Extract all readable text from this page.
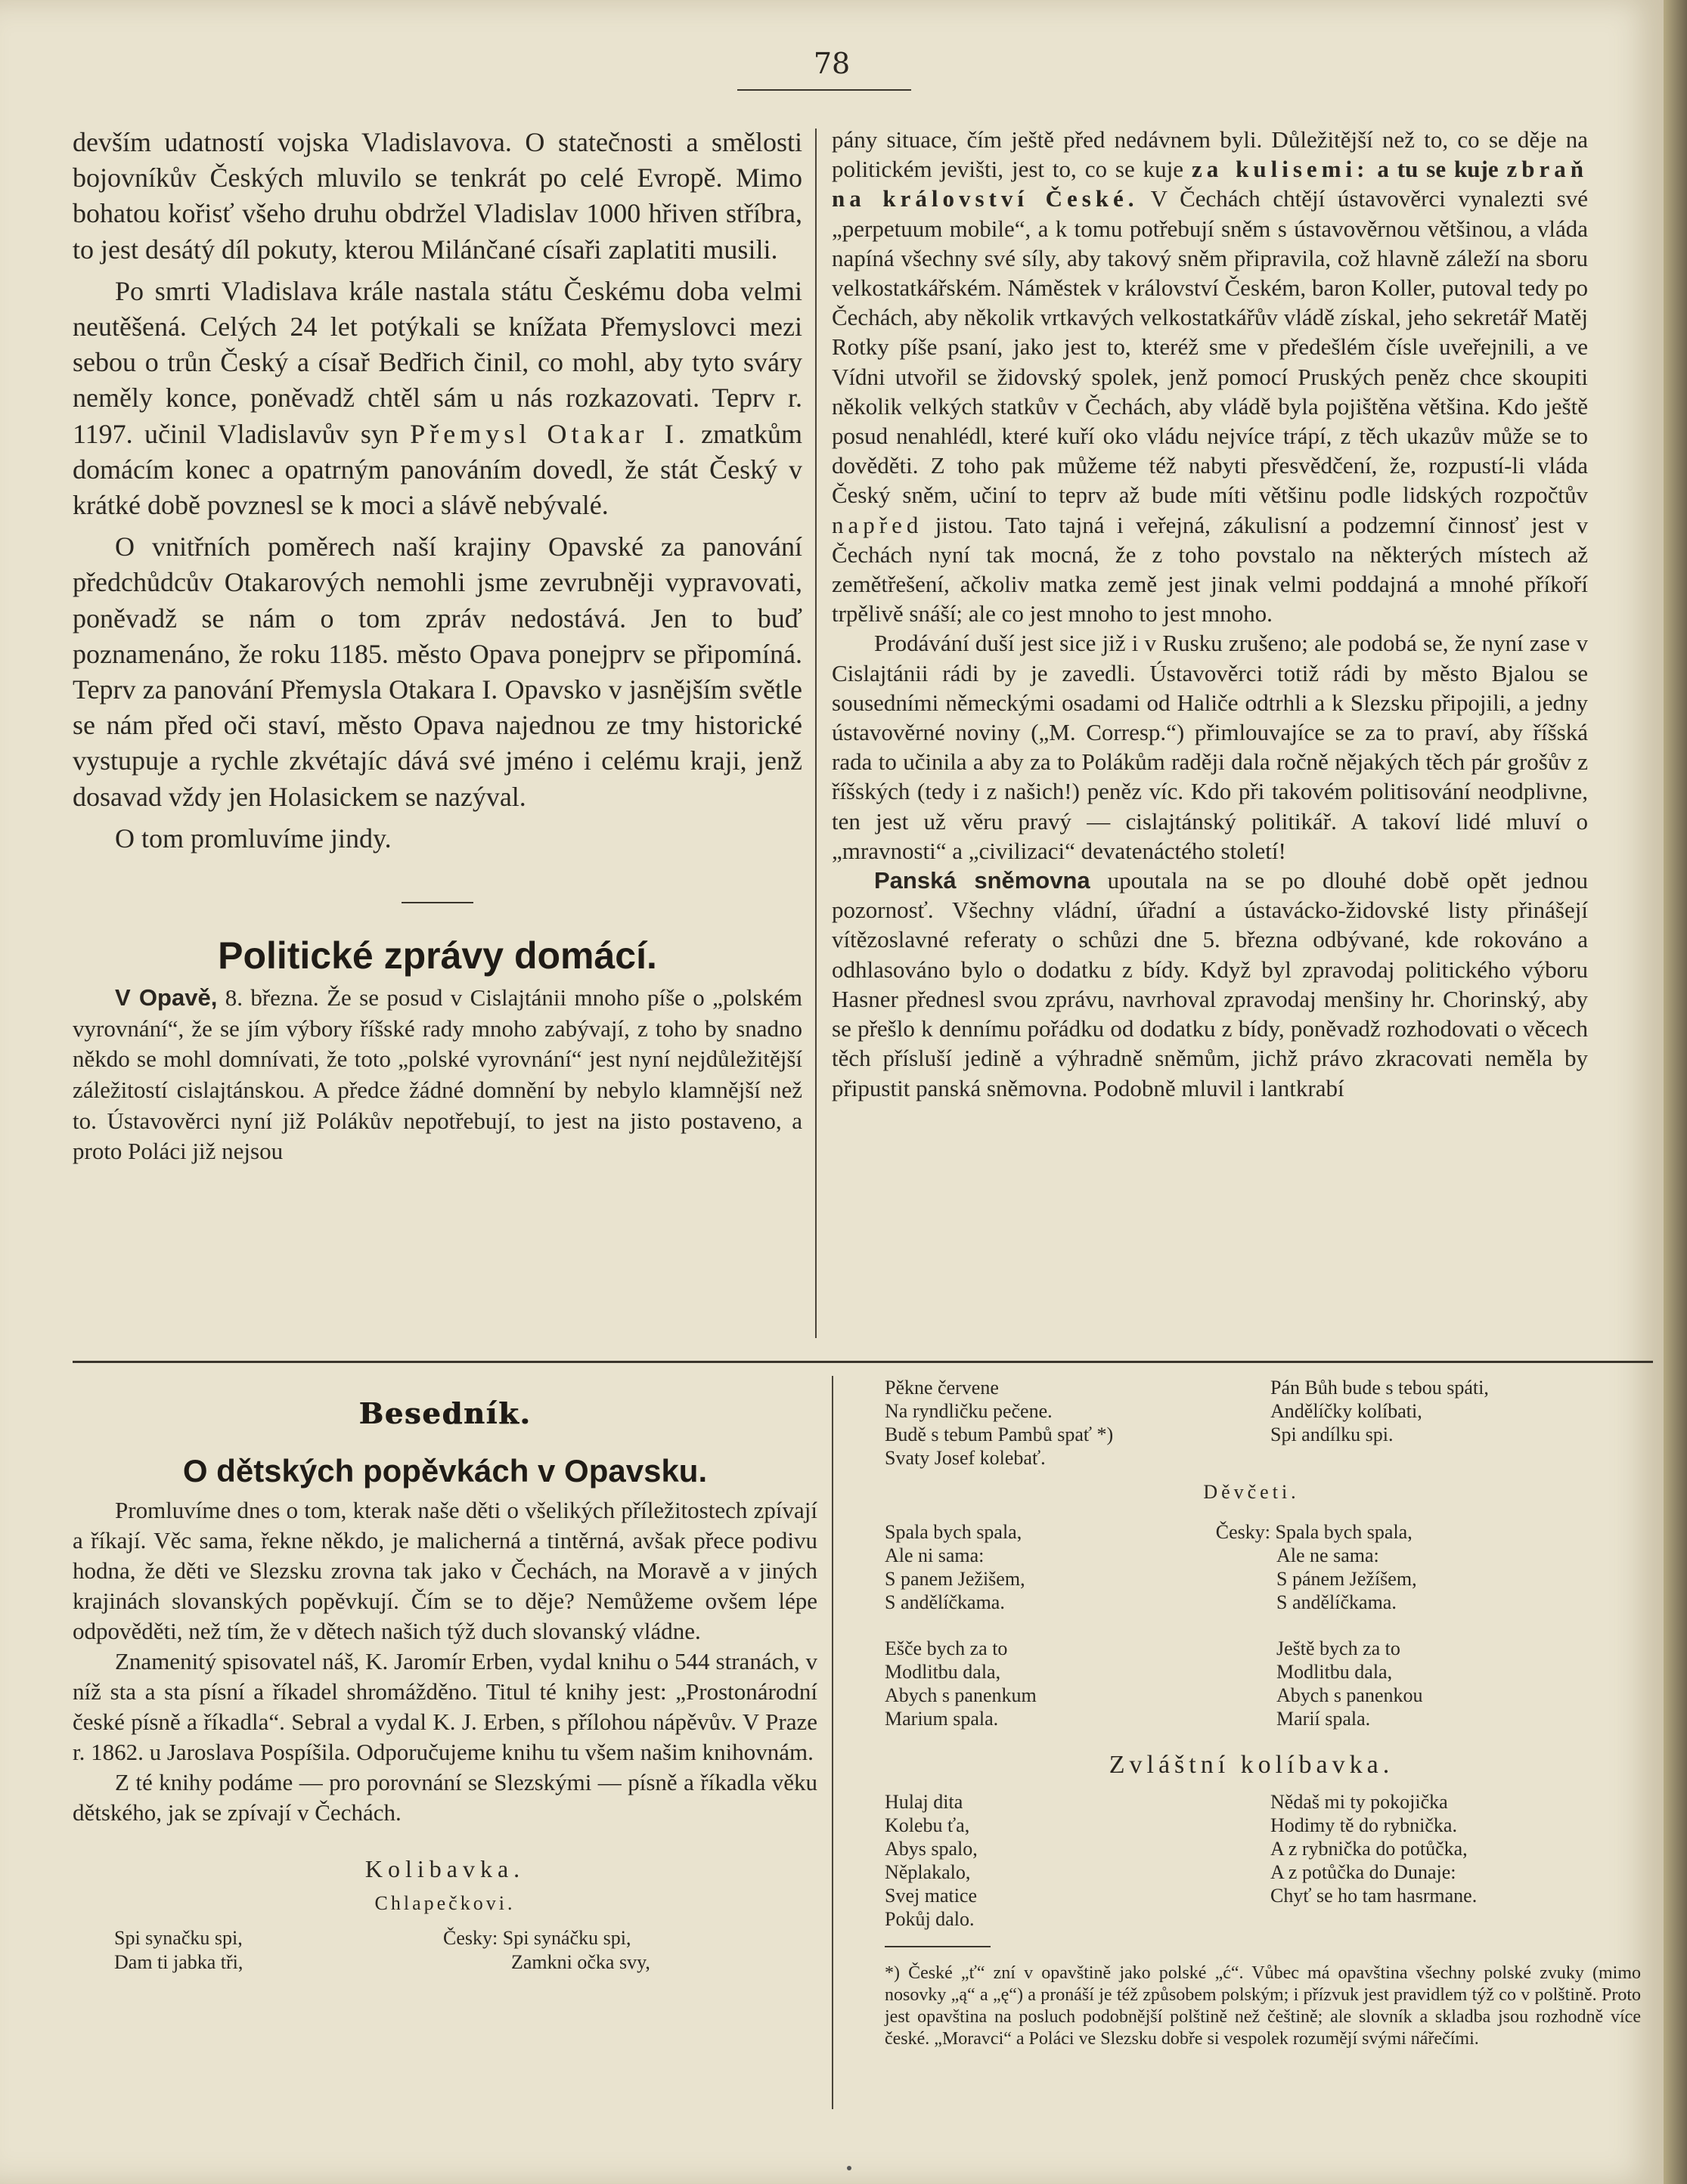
78

devším udatností vojska Vladislavova. O statečnosti a smělosti bojovníkův Českých mluvilo se tenkrát po celé Evropě. Mimo bohatou kořisť všeho druhu obdržel Vladislav 1000 hřiven stříbra, to jest desátý díl pokuty, kterou Milánčané císaři zaplatiti musili.

Po smrti Vladislava krále nastala státu Českému doba velmi neutěšená. Celých 24 let potýkali se knížata Přemyslovci mezi sebou o trůn Český a císař Bedřich činil, co mohl, aby tyto sváry neměly konce, poněvadž chtěl sám u nás rozkazovati. Teprv r. 1197. učinil Vladislavův syn Přemysl Otakar I. zmatkům domácím konec a opatrným panováním dovedl, že stát Český v krátké době povznesl se k moci a slávě nebývalé.

O vnitřních poměrech naší krajiny Opavské za panování předchůdcův Otakarových nemohli jsme zevrubněji vypravovati, poněvadž se nám o tom zpráv nedostává. Jen to buď poznamenáno, že roku 1185. město Opava ponejprv se připomíná. Teprv za panování Přemysla Otakara I. Opavsko v jasnějším světle se nám před oči staví, město Opava najednou ze tmy historické vystupuje a rychle zkvétajíc dává své jméno i celému kraji, jenž dosavad vždy jen Holasickem se nazýval.

O tom promluvíme jindy.

Politické zprávy domácí.

V Opavě, 8. března. Že se posud v Cislajtánii mnoho píše o „polském vyrovnání“, že se jím výbory říšské rady mnoho zabývají, z toho by snadno někdo se mohl domnívati, že toto „polské vyrovnání“ jest nyní nejdůležitější záležitostí cislajtánskou. A předce žádné domnění by nebylo klamnější než to. Ústavověrci nyní již Polákův nepotřebují, to jest na jisto postaveno, a proto Poláci již nejsou

pány situace, čím ještě před nedávnem byli. Důležitější než to, co se děje na politickém jevišti, jest to, co se kuje za kulisemi: a tu se kuje zbraň na království České. V Čechách chtějí ústavověrci vynalezti své „perpetuum mobile“, a k tomu potřebují sněm s ústavověrnou většinou, a vláda napíná všechny své síly, aby takový sněm připravila, což hlavně záleží na sboru velkostatkářském. Náměstek v království Českém, baron Koller, putoval tedy po Čechách, aby několik vrtkavých velkostatkářův vládě získal, jeho sekretář Matěj Rotky píše psaní, jako jest to, kteréž sme v předešlém čísle uveřejnili, a ve Vídni utvořil se židovský spolek, jenž pomocí Pruských peněz chce skoupiti několik velkých statkův v Čechách, aby vládě byla pojištěna většina. Kdo ještě posud nenahlédl, které kuří oko vládu nejvíce trápí, z těch ukazův může se to dověděti. Z toho pak můžeme též nabyti přesvědčení, že, rozpustí-li vláda Český sněm, učiní to teprv až bude míti většinu podle lidských rozpočtův napřed jistou. Tato tajná i veřejná, zákulisní a podzemní činnosť jest v Čechách nyní tak mocná, že z toho povstalo na některých místech až zemětřešení, ačkoliv matka země jest jinak velmi poddajná a mnohé příkoří trpělivě snáší; ale co jest mnoho to jest mnoho.

Prodávání duší jest sice již i v Rusku zrušeno; ale podobá se, že nyní zase v Cislajtánii rádi by je zavedli. Ústavověrci totiž rádi by město Bjalou se sousedními německými osadami od Haliče odtrhli a k Slezsku připojili, a jedny ústavověrné noviny („M. Corresp.“) přimlouvajíce se za to praví, aby říšská rada to učinila a aby za to Polákům raději dala ročně nějakých těch pár grošův z říšských (tedy i z našich!) peněz víc. Kdo při takovém politisování neodplivne, ten jest už věru pravý — cislajtánský politikář. A takoví lidé mluví o „mravnosti“ a „civilizaci“ devatenáctého století!

Panská sněmovna upoutala na se po dlouhé době opět jednou pozornosť. Všechny vládní, úřadní a ústavácko-židovské listy přinášejí vítězoslavné referaty o schůzi dne 5. března odbývané, kde rokováno a odhlasováno bylo o dodatku z bídy. Když byl zpravodaj politického výboru Hasner přednesl svou zprávu, navrhoval zpravodaj menšiny hr. Chorinský, aby se přešlo k dennímu pořádku od dodatku z bídy, poněvadž rozhodovati o věcech těch přísluší jedině a výhradně sněmům, jichž právo zkracovati neměla by připustit panská sněmovna. Podobně mluvil i lantkrabí

Besedník.
O dětských popěvkách v Opavsku.

Promluvíme dnes o tom, kterak naše děti o všelikých příležitostech zpívají a říkají. Věc sama, řekne někdo, je malicherná a tintěrná, avšak přece podivu hodna, že děti ve Slezsku zrovna tak jako v Čechách, na Moravě a v jiných krajinách slovanských popěvkují. Čím se to děje? Nemůžeme ovšem lépe odpověděti, než tím, že v dětech našich týž duch slovanský vládne.

Znamenitý spisovatel náš, K. Jaromír Erben, vydal knihu o 544 stranách, v níž sta a sta písní a říkadel shromážděno. Titul té knihy jest: „Prostonárodní české písně a říkadla“. Sebral a vydal K. J. Erben, s přílohou nápěvův. V Praze r. 1862. u Jaroslava Pospíšila. Odporučujeme knihu tu všem našim knihovnám.

Z té knihy podáme — pro porovnání se Slezskými — písně a říkadla věku dětského, jak se zpívají v Čechách.

Kolibavka.
Chlapečkovi.
Spi synačku spi,
Dam ti jabka tři,
Česky: Spi synáčku spi,
Zamkni očka svy,
Pěkne červene
Na ryndličku pečene.
Budě s tebum Pambů spať *)
Svaty Josef kolebať.
Pán Bůh bude s tebou spáti,
Andělíčky kolíbati,
Spi andílku spi.
Děvčeti.
Spala bych spala,
Ale ni sama:
S panem Ježišem,
S andělíčkama.
Česky: Spala bych spala,
Ale ne sama:
S pánem Ježíšem,
S andělíčkama.
Ešče bych za to
Modlitbu dala,
Abych s panenkum
Marium spala.
Ještě bych za to
Modlitbu dala,
Abych s panenkou
Marií spala.
Zvláštní kolíbavka.
Hulaj dita
Kolebu ťa,
Abys spalo,
Něplakalo,
Svej matice
Pokůj dalo.
Nědaš mi ty pokojička
Hodimy tě do rybnička.
A z rybnička do potůčka,
A z potůčka do Dunaje:
Chyť se ho tam hasrmane.
*) České „ť“ zní v opavštině jako polské „ć“. Vůbec má opavština všechny polské zvuky (mimo nosovky „ą“ a „ę“) a pronáší je též způsobem polským; i přízvuk jest pravidlem týž co v polštině. Proto jest opavština na posluch podobnější polštině než češtině; ale slovník a skladba jsou rozhodně více české. „Moravci“ a Poláci ve Slezsku dobře si vespolek rozumějí svými nářečími.
